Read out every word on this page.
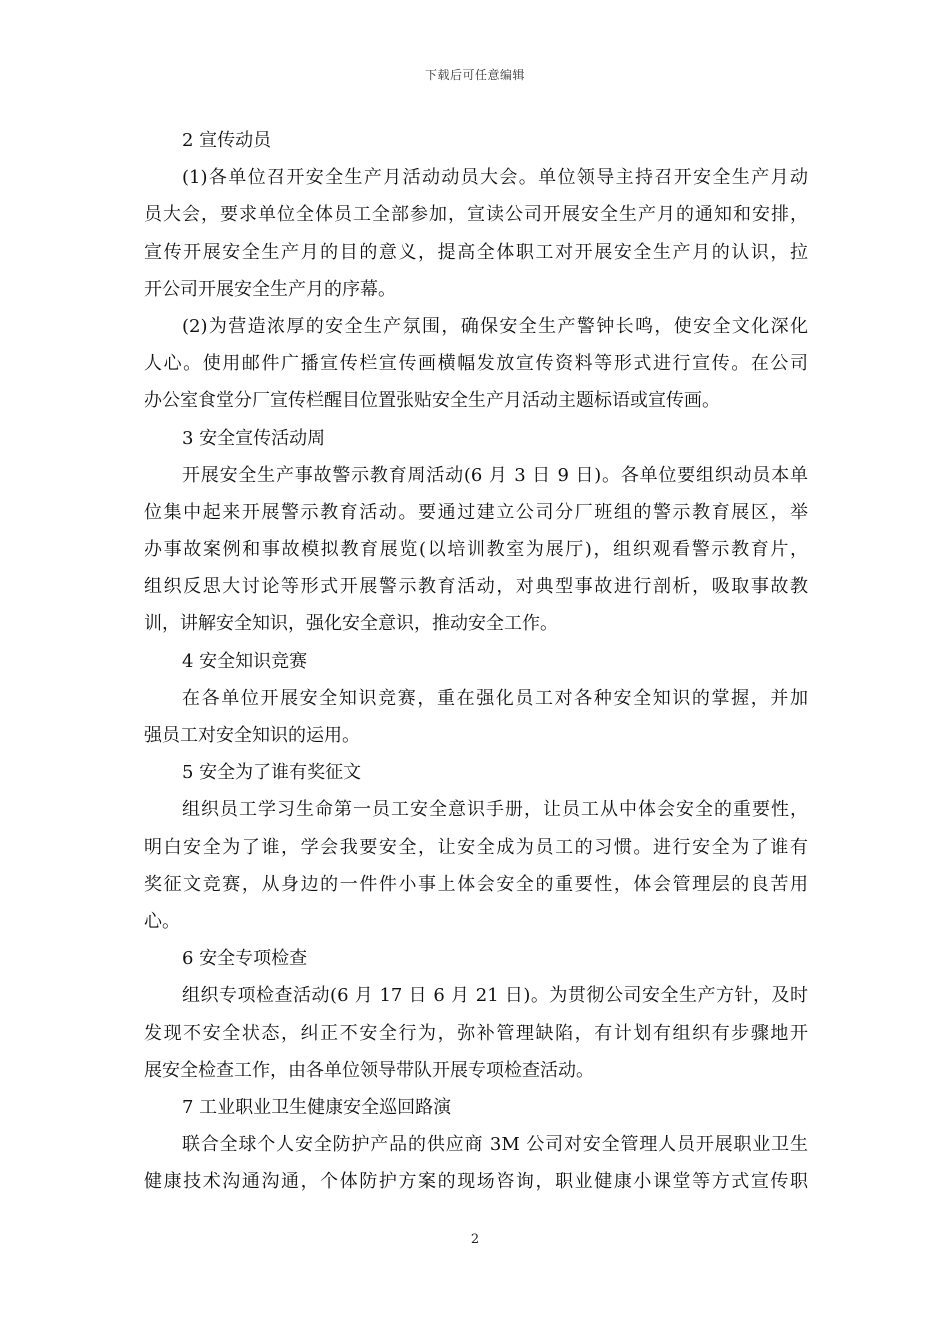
下载后可任意编辑
2 宣传动员
(1)各单位召开安全生产月活动动员大会。单位领导主持召开安全生产月动
员大会，要求单位全体员工全部参加，宣读公司开展安全生产月的通知和安排，
宣传开展安全生产月的目的意义，提高全体职工对开展安全生产月的认识，拉
开公司开展安全生产月的序幕。
(2)为营造浓厚的安全生产氛围，确保安全生产警钟长鸣，使安全文化深化
人心。使用邮件广播宣传栏宣传画横幅发放宣传资料等形式进行宣传。在公司
办公室食堂分厂宣传栏醒目位置张贴安全生产月活动主题标语或宣传画。
3 安全宣传活动周
开展安全生产事故警示教育周活动(6 月 3 日 9 日)。各单位要组织动员本单
位集中起来开展警示教育活动。要通过建立公司分厂班组的警示教育展区，举
办事故案例和事故模拟教育展览(以培训教室为展厅)，组织观看警示教育片，
组织反思大讨论等形式开展警示教育活动，对典型事故进行剖析，吸取事故教
训，讲解安全知识，强化安全意识，推动安全工作。
4 安全知识竞赛
在各单位开展安全知识竞赛，重在强化员工对各种安全知识的掌握，并加
强员工对安全知识的运用。
5 安全为了谁有奖征文
组织员工学习生命第一员工安全意识手册，让员工从中体会安全的重要性，
明白安全为了谁，学会我要安全，让安全成为员工的习惯。进行安全为了谁有
奖征文竞赛，从身边的一件件小事上体会安全的重要性，体会管理层的良苦用
心。
6 安全专项检查
组织专项检查活动(6 月 17 日 6 月 21 日)。为贯彻公司安全生产方针，及时
发现不安全状态，纠正不安全行为，弥补管理缺陷，有计划有组织有步骤地开
展安全检查工作，由各单位领导带队开展专项检查活动。
7 工业职业卫生健康安全巡回路演
联合全球个人安全防护产品的供应商 3M 公司对安全管理人员开展职业卫生
健康技术沟通沟通，个体防护方案的现场咨询，职业健康小课堂等方式宣传职
2
